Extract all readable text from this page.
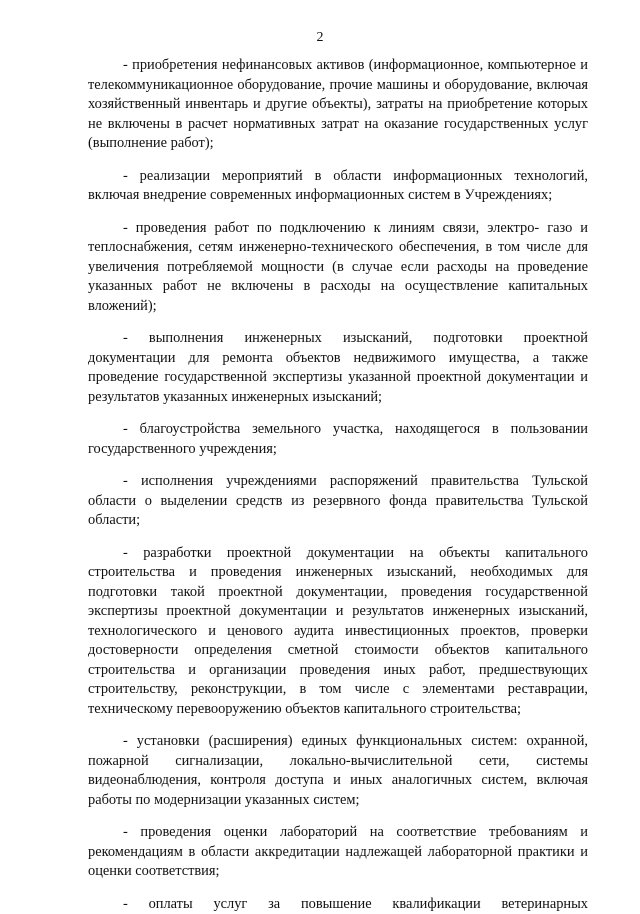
2

- приобретения нефинансовых активов (информационное, компьютерное и телекоммуникационное оборудование, прочие машины и оборудование, включая хозяйственный инвентарь и другие объекты), затраты на приобретение которых не включены в расчет нормативных затрат на оказание государственных услуг (выполнение работ);

- реализации мероприятий в области информационных технологий, включая внедрение современных информационных систем в Учреждениях;

- проведения работ по подключению к линиям связи, электро- газо и теплоснабжения, сетям инженерно-технического обеспечения, в том числе для увеличения потребляемой мощности (в случае если расходы на проведение указанных работ не включены в расходы на осуществление капитальных вложений);

- выполнения инженерных изысканий, подготовки проектной документации для ремонта объектов недвижимого имущества, а также проведение государственной экспертизы указанной проектной документации и результатов указанных инженерных изысканий;

- благоустройства земельного участка, находящегося в пользовании государственного учреждения;

- исполнения учреждениями распоряжений правительства Тульской области о выделении средств из резервного фонда правительства Тульской области;

- разработки проектной документации на объекты капитального строительства и проведения инженерных изысканий, необходимых для подготовки такой проектной документации, проведения государственной экспертизы проектной документации и результатов инженерных изысканий, технологического и ценового аудита инвестиционных проектов, проверки достоверности определения сметной стоимости объектов капитального строительства и организации проведения иных работ, предшествующих строительству, реконструкции, в том числе с элементами реставрации, техническому перевооружению объектов капитального строительства;

- установки (расширения) единых функциональных систем: охранной, пожарной сигнализации, локально-вычислительной сети, системы видеонаблюдения, контроля доступа и иных аналогичных систем, включая работы по модернизации указанных систем;

- проведения оценки лабораторий на соответствие требованиям и рекомендациям в области аккредитации надлежащей лабораторной практики и оценки соответствия;

- оплаты услуг за повышение квалификации ветеринарных
